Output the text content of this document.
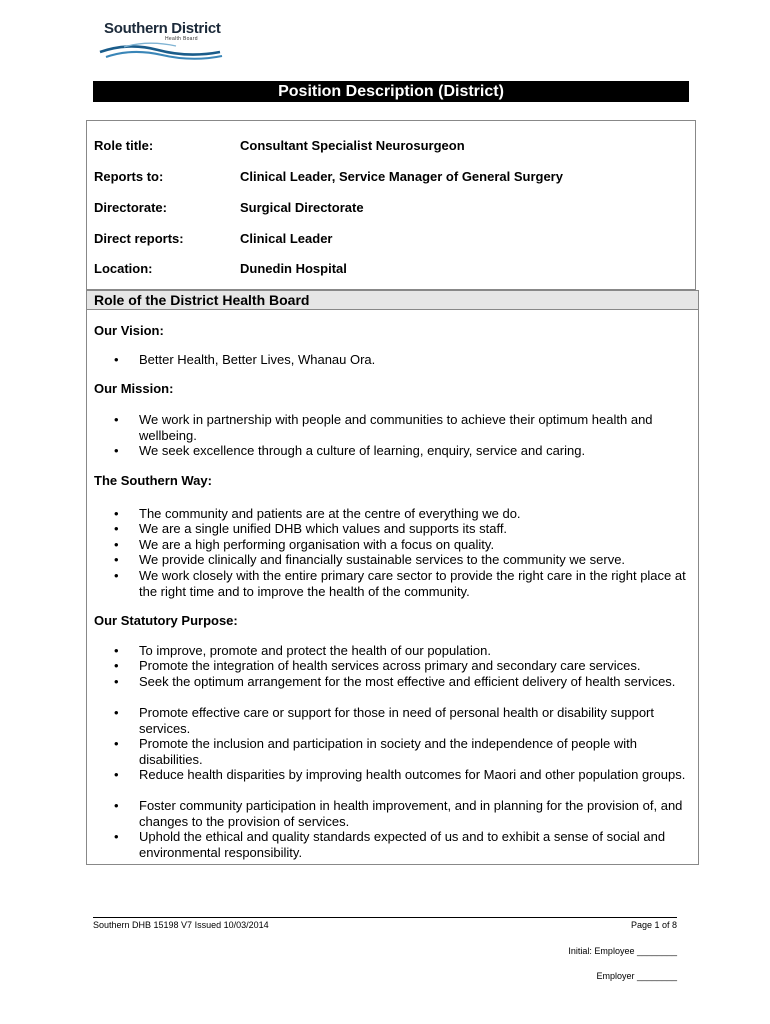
Southern District
Health Board
Position Description (District)
Role title:	Consultant Specialist Neurosurgeon
Reports to:	Clinical Leader, Service Manager of General Surgery
Directorate:	Surgical Directorate
Direct reports:	Clinical Leader
Location:	Dunedin Hospital
Role of the District Health Board
Our Vision:
• Better Health, Better Lives, Whanau Ora.
Our Mission:
• We work in partnership with people and communities to achieve their optimum health and wellbeing.
• We seek excellence through a culture of learning, enquiry, service and caring.
The Southern Way:
• The community and patients are at the centre of everything we do.
• We are a single unified DHB which values and supports its staff.
• We are a high performing organisation with a focus on quality.
• We provide clinically and financially sustainable services to the community we serve.
• We work closely with the entire primary care sector to provide the right care in the right place at the right time and to improve the health of the community.
Our Statutory Purpose:
• To improve, promote and protect the health of our population.
• Promote the integration of health services across primary and secondary care services.
• Seek the optimum arrangement for the most effective and efficient delivery of health services.
• Promote effective care or support for those in need of personal health or disability support services.
• Promote the inclusion and participation in society and the independence of people with disabilities.
• Reduce health disparities by improving health outcomes for Maori and other population groups.
• Foster community participation in health improvement, and in planning for the provision of, and changes to the provision of services.
• Uphold the ethical and quality standards expected of us and to exhibit a sense of social and environmental responsibility.
Southern DHB 15198 V7 Issued 10/03/2014	Page 1 of 8
Initial: Employee ________
Employer ________
